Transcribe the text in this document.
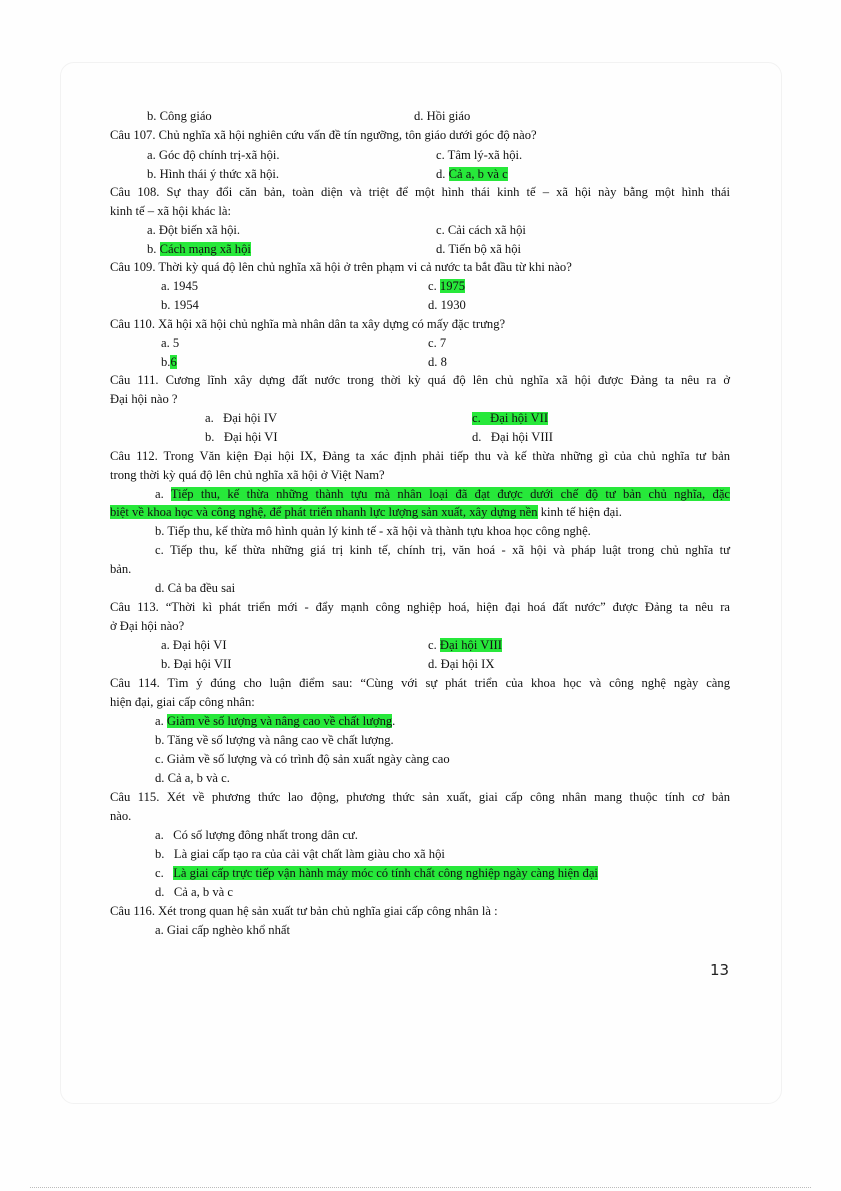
b. Công giáo	d. Hồi giáo
Câu 107. Chủ nghĩa xã hội nghiên cứu vấn đề tín ngưỡng, tôn giáo dưới góc độ nào?
a. Góc độ chính trị-xã hội.	c. Tâm lý-xã hội.
b. Hình thái ý thức xã hội.	d. Cả a, b và c
Câu 108. Sự thay đổi căn bản, toàn diện và triệt để một hình thái kinh tế – xã hội này bằng một hình thái
kinh tế – xã hội khác là:
a. Đột biến xã hội.	c. Cải cách xã hội
b. Cách mạng xã hội	d. Tiến bộ xã hội
Câu 109. Thời kỳ quá độ lên chủ nghĩa xã hội ở trên phạm vi cả nước ta bắt đầu từ khi nào?
a. 1945	c. 1975
b. 1954	d. 1930
Câu 110. Xã hội xã hội chủ nghĩa mà nhân dân ta xây dựng có mấy đặc trưng?
a. 5	c. 7
b.6	d. 8
Câu 111. Cương lĩnh xây dựng đất nước trong thời kỳ quá độ lên chủ nghĩa xã hội được Đảng ta nêu ra ở
Đại hội nào ?
a.   Đại hội IV	c.   Đại hội VII
b.   Đại hội VI	d.   Đại hội VIII
Câu 112. Trong Văn kiện Đại hội IX, Đảng ta xác định phải tiếp thu và kế thừa những gì của chủ nghĩa tư bản
trong thời kỳ quá độ lên chủ nghĩa xã hội ở Việt Nam?
a. Tiếp thu, kế thừa những thành tựu mà nhân loại đã đạt được dưới chế độ tư bản chủ nghĩa, đặc
biệt về khoa học và công nghệ, để phát triển nhanh lực lượng sản xuất, xây dựng nền kinh tế hiện đại.
b. Tiếp thu, kế thừa mô hình quản lý kinh tế - xã hội và thành tựu khoa học công nghệ.
c. Tiếp thu, kế thừa những giá trị kinh tế, chính trị, văn hoá - xã hội và pháp luật trong chủ nghĩa tư
bản.
d. Cả ba đều sai
Câu 113. “Thời kì phát triển mới - đẩy mạnh công nghiệp hoá, hiện đại hoá đất nước” được Đảng ta nêu ra
ở Đại hội nào?
a. Đại hội VI	c. Đại hội VIII
b. Đại hội VII	d. Đại hội IX
Câu 114. Tìm ý đúng cho luận điểm sau: “Cùng với sự phát triển của khoa học và công nghệ ngày càng
hiện đại, giai cấp công nhân:
a. Giảm về số lượng và nâng cao về chất lượng.
b. Tăng về số lượng và nâng cao về chất lượng.
c. Giảm về số lượng và có trình độ sản xuất ngày càng cao
d. Cả a, b và c.
Câu 115. Xét về phương thức lao động, phương thức sản xuất, giai cấp công nhân mang thuộc tính cơ bản
nào.
a.   Có số lượng đông nhất trong dân cư.
b.   Là giai cấp tạo ra của cải vật chất làm giàu cho xã hội
c. Là giai cấp trực tiếp vận hành máy móc có tính chất công nghiệp ngày càng hiện đại
d.   Cả a, b và c
Câu 116. Xét trong quan hệ sản xuất tư bản chủ nghĩa giai cấp công nhân là :
a. Giai cấp nghèo khổ nhất
13
